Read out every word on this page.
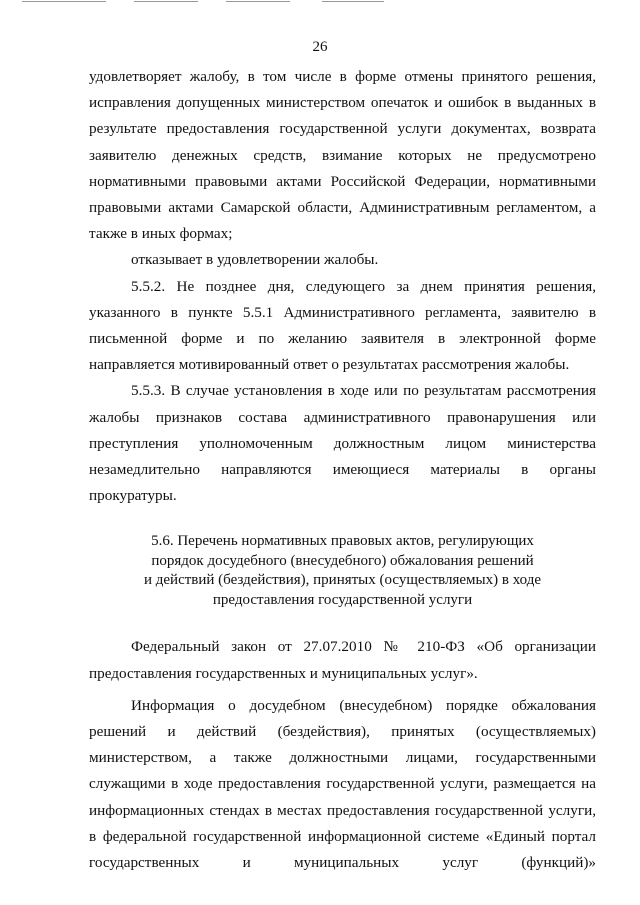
26

удовлетворяет жалобу, в том числе в форме отмены принятого решения, исправления допущенных министерством опечаток и ошибок в выданных в результате предоставления государственной услуги документах, возврата заявителю денежных средств, взимание которых не предусмотрено нормативными правовыми актами Российской Федерации, нормативными правовыми актами Самарской области, Административным регламентом, а также в иных формах;

отказывает в удовлетворении жалобы.

5.5.2. Не позднее дня, следующего за днем принятия решения, указанного в пункте 5.5.1 Административного регламента, заявителю в письменной форме и по желанию заявителя в электронной форме направляется мотивированный ответ о результатах рассмотрения жалобы.

5.5.3. В случае установления в ходе или по результатам рассмотрения жалобы признаков состава административного правонарушения или преступления уполномоченным должностным лицом министерства незамедлительно направляются имеющиеся материалы в органы прокуратуры.

5.6. Перечень нормативных правовых актов, регулирующих
порядок досудебного (внесудебного) обжалования решений
и действий (бездействия), принятых (осуществляемых) в ходе
предоставления государственной услуги

Федеральный закон от 27.07.2010 № 210-ФЗ «Об организации предоставления государственных и муниципальных услуг».

Информация о досудебном (внесудебном) порядке обжалования решений и действий (бездействия), принятых (осуществляемых) министерством, а также должностными лицами, государственными служащими в ходе предоставления государственной услуги, размещается на информационных стендах в местах предоставления государственной услуги, в федеральной государственной информационной системе «Единый портал государственных и муниципальных услуг (функций)»
